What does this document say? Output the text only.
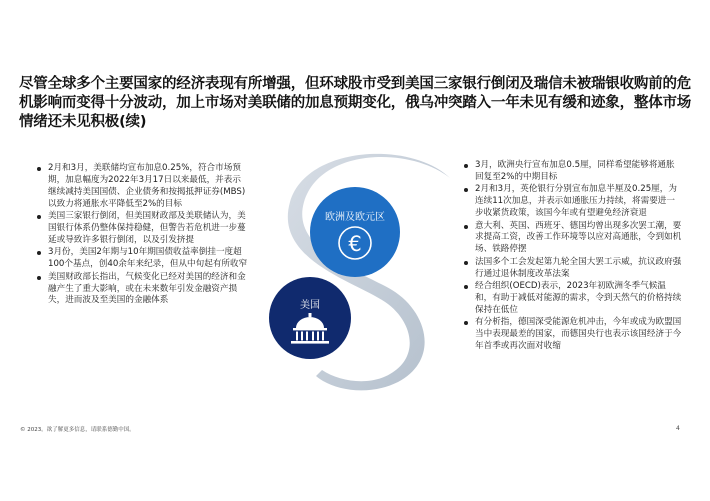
尽管全球多个主要国家的经济表现有所增强，但环球股市受到美国三家银行倒闭及瑞信未被瑞银收购前的危机影响而变得十分波动，加上市场对美联储的加息预期变化，俄乌冲突踏入一年未见有缓和迹象，整体市场情绪还未见积极(续)
2月和3月，美联储均宣布加息0.25%，符合市场预期，加息幅度为2022年3月17日以来最低，并表示继续减持美国国债、企业债务和按揭抵押证券(MBS)以致力将通胀水平降低至2%的目标
美国三家银行倒闭，但美国财政部及美联储认为，美国银行体系仍整体保持稳健，但警告若危机进一步蔓延或导致许多银行倒闭，以及引发挤提
3月份，美国2年期与10年期国债收益率倒挂一度超100个基点，创40余年来纪录，但从中旬起有所收窄
美国财政部长指出，气候变化已经对美国的经济和金融产生了重大影响，或在未来数年引发金融资产损失，进而波及至美国的金融体系
欧洲及欧元区
€
美国
3月，欧洲央行宣布加息0.5厘，同样希望能够将通胀回复至2%的中期目标
2月和3月，英伦银行分别宣布加息半厘及0.25厘，为连续11次加息，并表示如通胀压力持续，将需要进一步收紧货政策，该国今年或有望避免经济衰退
意大利、英国、西班牙、德国均曾出现多次罢工潮，要求提高工资，改善工作环境等以应对高通胀，令到如机场、铁路停摆
法国多个工会发起第九轮全国大罢工示威，抗议政府强行通过退休制度改革法案
经合组织(OECD)表示，2023年初欧洲冬季气候温和，有助于减低对能源的需求，令到天然气的价格持续保持在低位
有分析指，德国深受能源危机冲击，今年或成为欧盟国当中表现最差的国家，而德国央行也表示该国经济于今年首季或再次面对收缩
© 2023。欲了解更多信息，请联系德勤中国。	4
